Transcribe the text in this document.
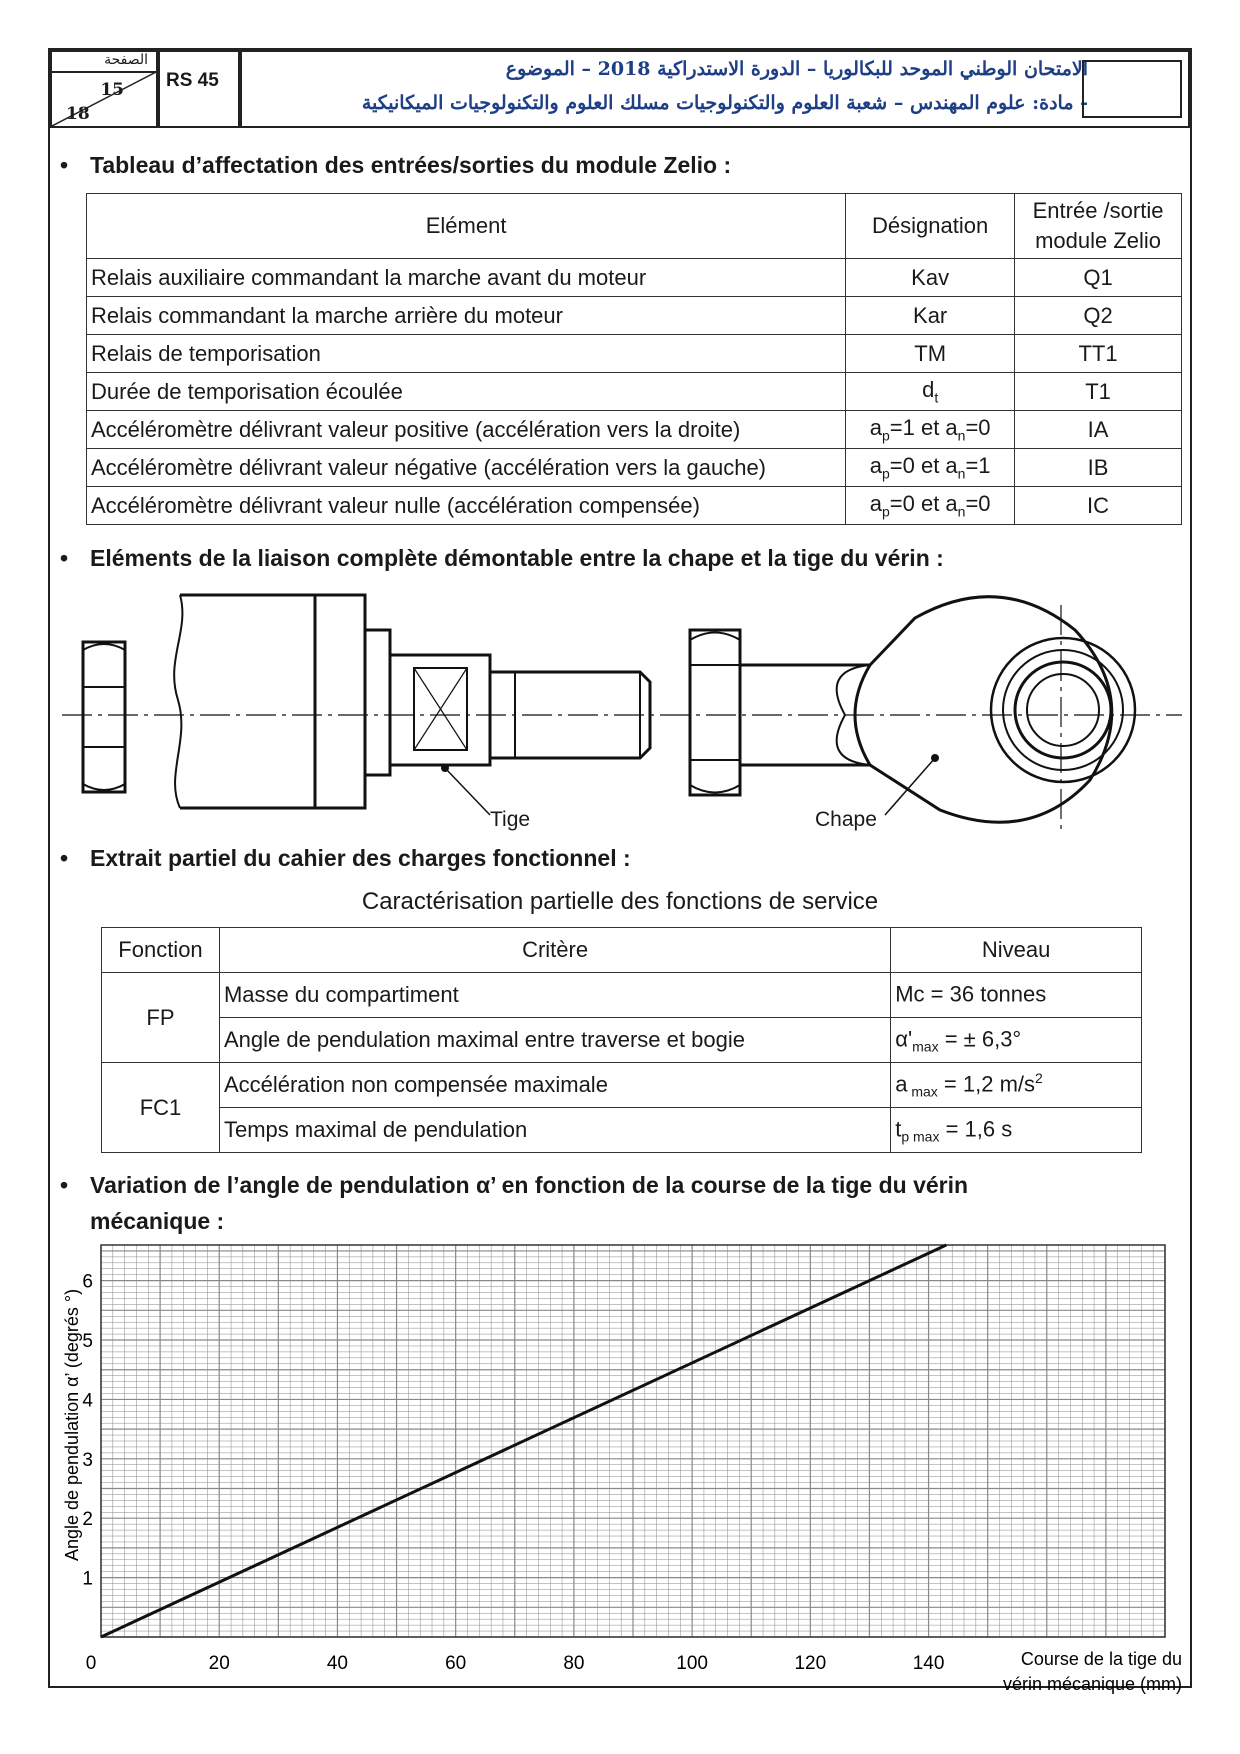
الصفحة
15
18
RS 45
الامتحان الوطني الموحد للبكالوريا – الدورة الاستدراكية 2018 – الموضوع
- مادة: علوم المهندس – شعبة العلوم والتكنولوجيات مسلك العلوم والتكنولوجيات الميكانيكية
• Tableau d’affectation des entrées/sorties du module Zelio :
Elément	Désignation	Entrée /sortie
module Zelio
Relais auxiliaire commandant la marche avant du moteur	Kav	Q1
Relais commandant la marche arrière du moteur	Kar	Q2
Relais de temporisation	TM	TT1
Durée de temporisation écoulée	$d_t$	T1
Accéléromètre délivrant valeur positive (accélération vers la droite)	$a_p=1$ et $a_n=0$	IA
Accéléromètre délivrant valeur négative (accélération vers la gauche)	$a_p=0$ et $a_n=1$	IB
Accéléromètre délivrant valeur nulle (accélération compensée)	$a_p=0$ et $a_n=0$	IC
• Eléments de la liaison complète démontable entre la chape et la tige du vérin :
Tige	Chape
• Extrait partiel du cahier des charges fonctionnel :
Caractérisation partielle des fonctions de service
Fonction	Critère	Niveau
FP	Masse du compartiment	Mc = 36 tonnes
	Angle de pendulation maximal entre traverse et bogie	$\alpha'_{max}$ = ± 6,3°
FC1	Accélération non compensée maximale	a $_{max}$ = 1,2 $m/s^2$
	Temps maximal de pendulation	$t_{p max} = 1,6$ s
• Variation de l’angle de pendulation α’ en fonction de la course de la tige du vérin
mécanique :
0	20	40	60	80	100	120	140
1
2
3
4
5
6
Course de la tige du
vérin mécanique (mm)
Angle de pendulation α’ (degrés °)
